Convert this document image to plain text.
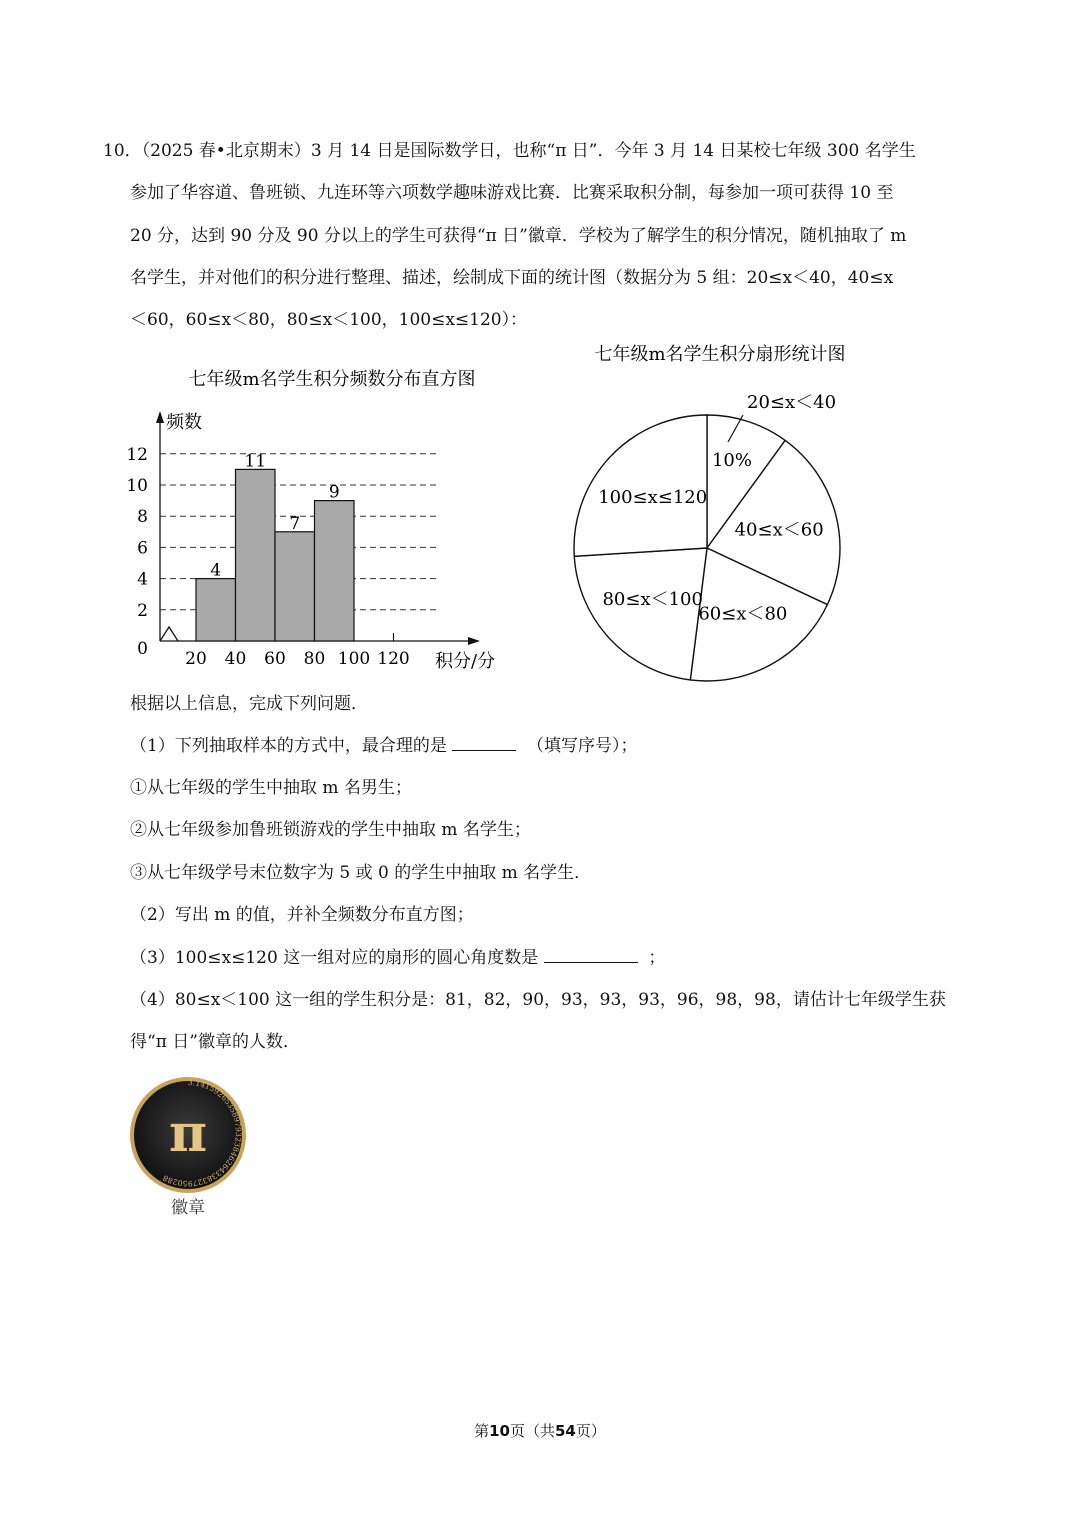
10．（2025 春•北京期末）3 月 14 日是国际数学日，也称“π 日”．今年 3 月 14 日某校七年级 300 名学生
参加了华容道、鲁班锁、九连环等六项数学趣味游戏比赛．比赛采取积分制，每参加一项可获得 10 至
20 分，达到 90 分及 90 分以上的学生可获得“π 日”徽章．学校为了解学生的积分情况，随机抽取了 m
名学生，并对他们的积分进行整理、描述，绘制成下面的统计图（数据分为 5 组：20≤x＜40，40≤x
＜60，60≤x＜80，80≤x＜100，100≤x≤120）：
七年级m名学生积分频数分布直方图
0
2
4
6
8
10
12
频数
积分/分
4
11
7
9
20 40 60 80 100 120
七年级m名学生积分扇形统计图
20≤x＜40
10%
40≤x＜60
60≤x＜80
80≤x＜100
100≤x≤120
根据以上信息，完成下列问题．
（1）下列抽取样本的方式中，最合理的是	（填写序号）；
①从七年级的学生中抽取 m 名男生；
②从七年级参加鲁班锁游戏的学生中抽取 m 名学生；
③从七年级学号末位数字为 5 或 0 的学生中抽取 m 名学生．
（2）写出 m 的值，并补全频数分布直方图；
（3）100≤x≤120 这一组对应的扇形的圆心角度数是	；
（4）80≤x＜100 这一组的学生积分是：81，82，90，93，93，93，96，98，98，请估计七年级学生获
得“π 日”徽章的人数．
3.14159265358979323846264338327950288
π
徽章
第10页（共54页）
